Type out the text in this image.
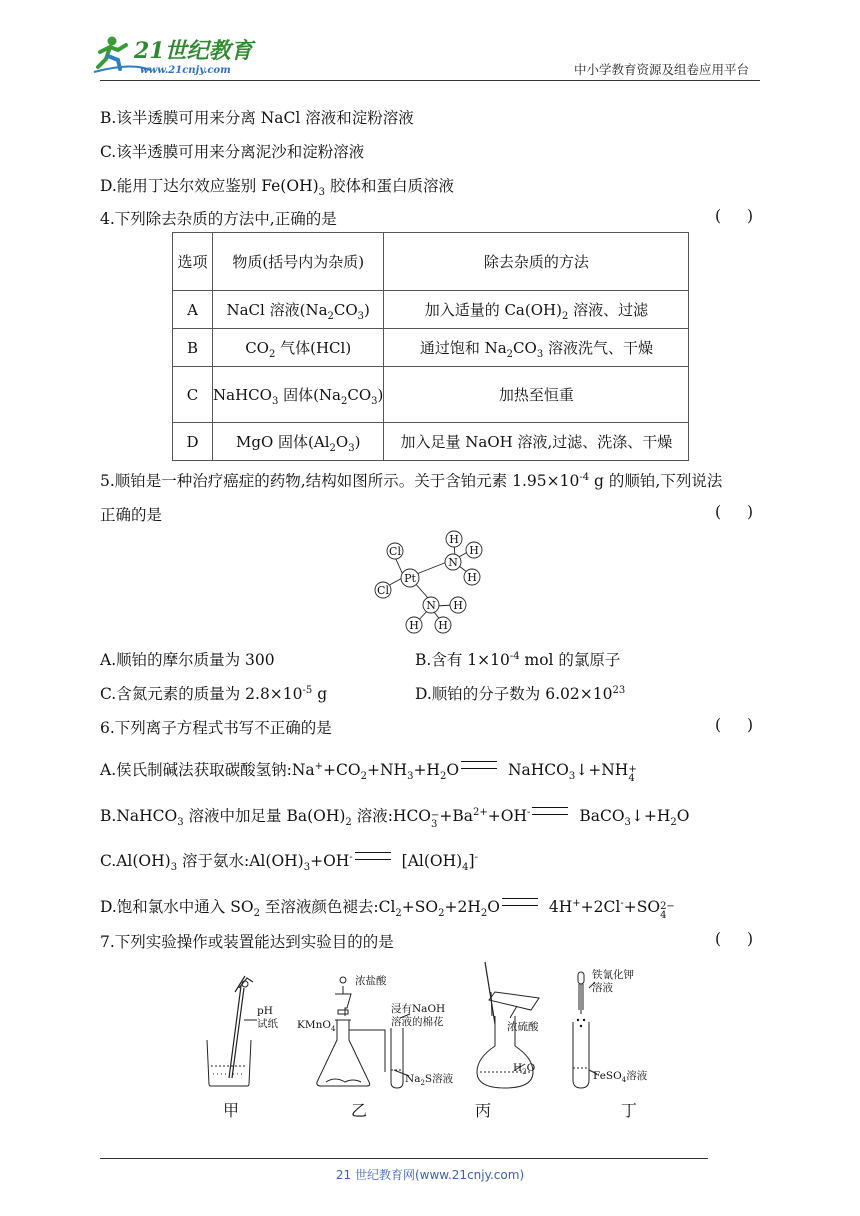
21世纪教育
www.21cnjy.com	中小学教育资源及组卷应用平台
B.该半透膜可用来分离 NaCl 溶液和淀粉溶液
C.该半透膜可用来分离泥沙和淀粉溶液
D.能用丁达尔效应鉴别 $Fe(OH)_3$ 胶体和蛋白质溶液
4.下列除去杂质的方法中,正确的是	()
选项	物质(括号内为杂质)	除去杂质的方法
A	NaCl 溶液$(Na_2CO_3)$	加入适量的 $Ca(OH)_2$ 溶液、过滤
B	$CO_2$ 气体(HCl)	通过饱和 $Na_2CO_3$ 溶液洗气、干燥
C	NaHCO$_3$ 固体$(Na_2CO_3)$	加热至恒重
D	MgO 固体$(Al_2O_3)$	加入足量 NaOH 溶液,过滤、洗涤、干燥
5.顺铂是一种治疗癌症的药物,结构如图所示。关于含铂元素 $1.95\times 10^{-4}$ g 的顺铂,下列说法
正确的是	()
Cl
Cl
Pt
N
H
H
H
N H
H H
A.顺铂的摩尔质量为 300	B.含有 $1\times 10^{-4}$ mol 的氯原子
C.含氮元素的质量为 $2.8\times 10^{-5}$ g	D.顺铂的分子数为 $6.02\times 10^{23}$
6.下列离子方程式书写不正确的是	()
A.侯氏制碱法获取碳酸氢钠$:Na^++CO_2+NH_3+H_2O$	NaHCO$_3$↓+NH+
4
B.NaHCO$_3$ 溶液中加足量 $Ba(OH)_2$ 溶液:HCO−
$3 +Ba^{2+}+OH^-$	$BaCO_3↓+H_2O$
$C.Al(OH)_3$ 溶于氨水$:Al(OH)_3+OH^-$	$[Al(OH)_4]^-$
D.饱和氯水中通入 $SO_2$ 至溶液颜色褪去$:Cl_2+SO_2+2H_2O$	4H++2Cl-+SO2−
4
7.下列实验操作或装置能达到实验目的的是	()
pH
试纸
浓盐酸
KMnO$_4$
浸有NaOH
溶液的棉花
$Na_2S$溶液
浓硫酸
$H_2O$
铁氰化钾
溶液
FeSO$_4$溶液
甲	乙	丙	丁
21 世纪教育网(www.21cnjy.com)
